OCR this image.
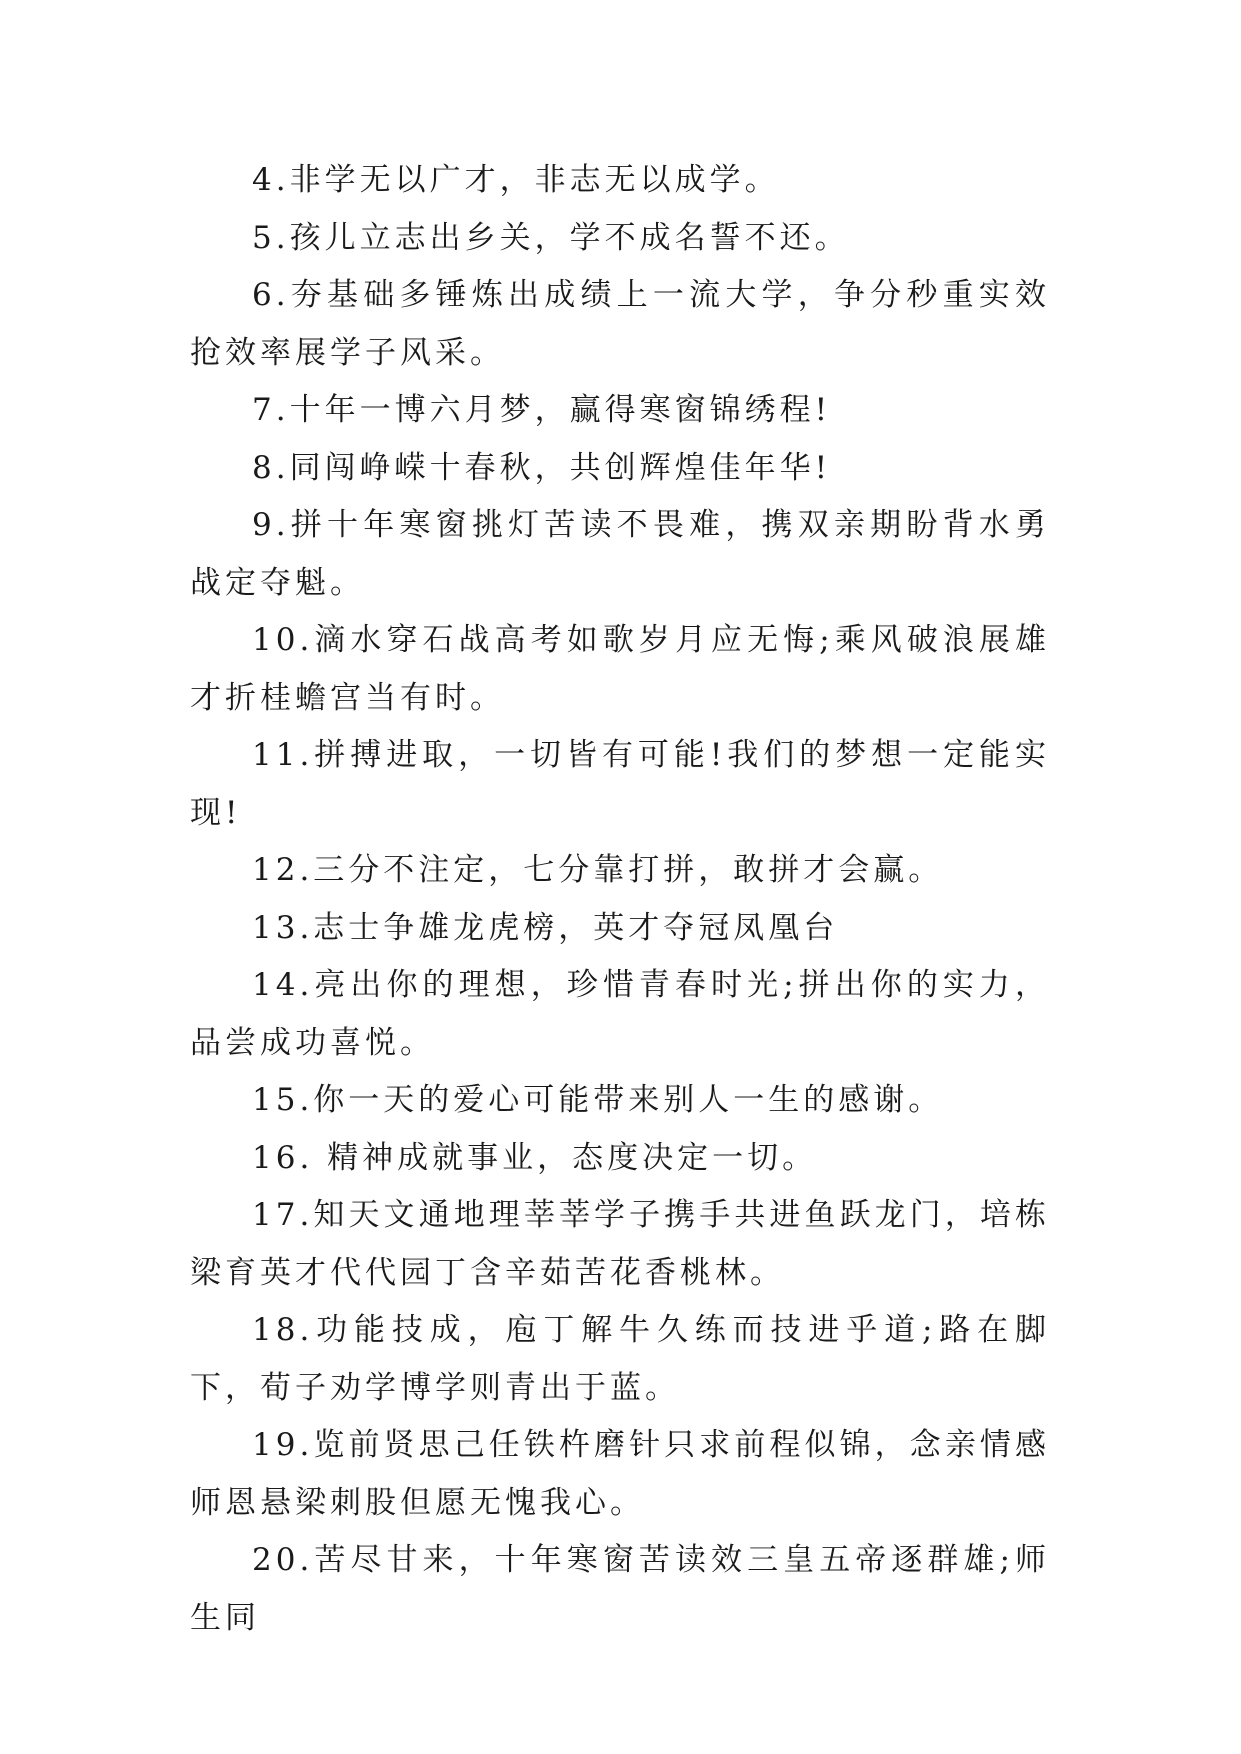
4.非学无以广才，非志无以成学。

5.孩儿立志出乡关，学不成名誓不还。

6.夯基础多锤炼出成绩上一流大学，争分秒重实效抢效率展学子风采。

7.十年一博六月梦，赢得寒窗锦绣程!

8.同闯峥嵘十春秋，共创辉煌佳年华!

9.拼十年寒窗挑灯苦读不畏难，携双亲期盼背水勇战定夺魁。

10.滴水穿石战高考如歌岁月应无悔;乘风破浪展雄才折桂蟾宫当有时。

11.拼搏进取，一切皆有可能!我们的梦想一定能实现!

12.三分不注定，七分靠打拼，敢拼才会赢。

13.志士争雄龙虎榜，英才夺冠凤凰台

14.亮出你的理想，珍惜青春时光;拼出你的实力，品尝成功喜悦。

15.你一天的爱心可能带来别人一生的感谢。

16. 精神成就事业，态度决定一切。

17.知天文通地理莘莘学子携手共进鱼跃龙门，培栋梁育英才代代园丁含辛茹苦花香桃林。

18.功能技成，庖丁解牛久练而技进乎道;路在脚下，荀子劝学博学则青出于蓝。

19.览前贤思己任铁杵磨针只求前程似锦，念亲情感师恩悬梁刺股但愿无愧我心。

20.苦尽甘来，十年寒窗苦读效三皇五帝逐群雄;师生同
